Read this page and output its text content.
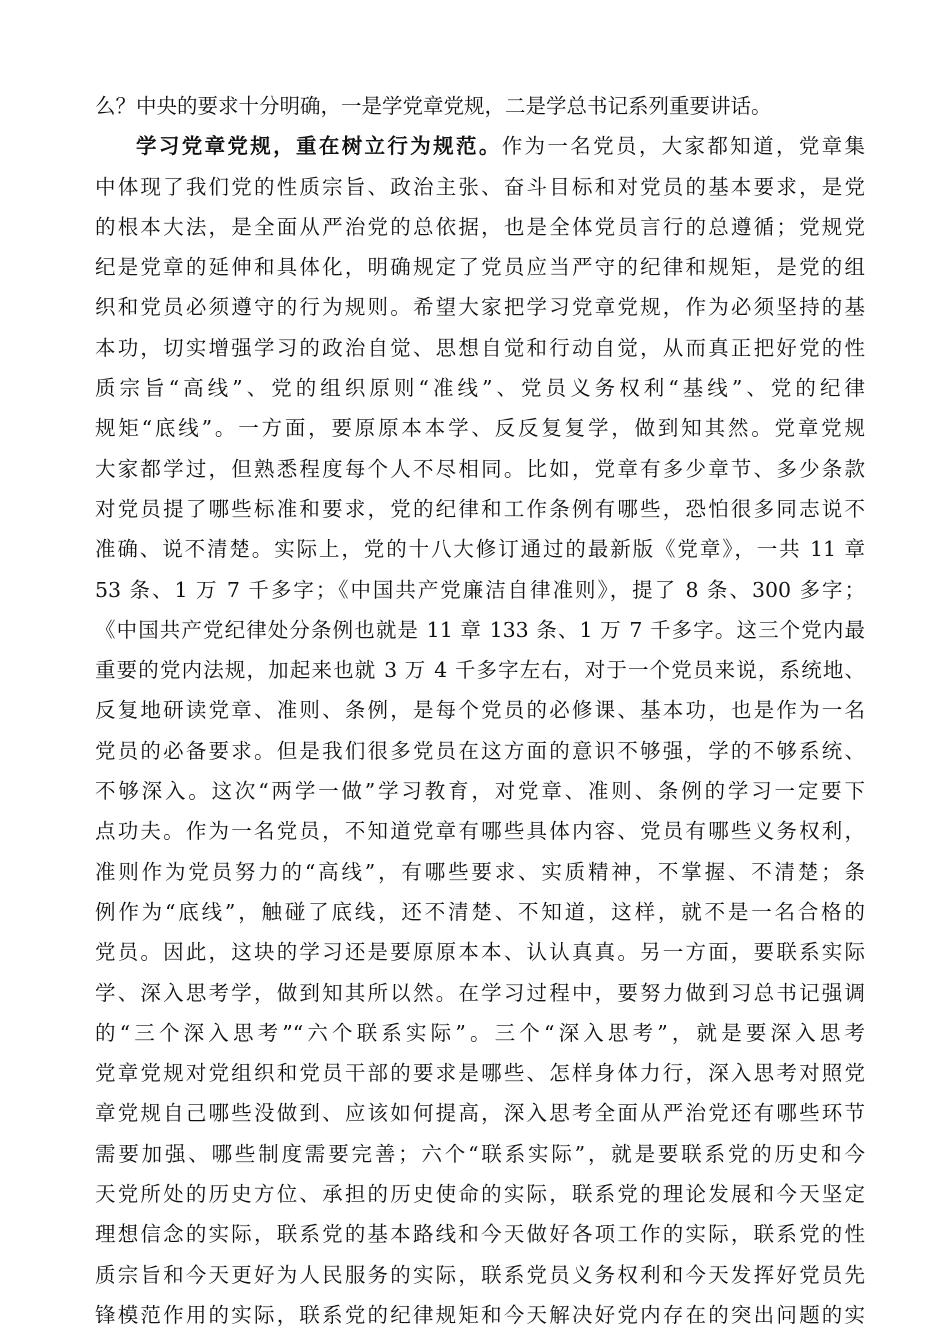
么？中央的要求十分明确，一是学党章党规，二是学总书记系列重要讲话。
学习党章党规，重在树立行为规范。作为一名党员，大家都知道，党章集
中体现了我们党的性质宗旨、政治主张、奋斗目标和对党员的基本要求，是党
的根本大法，是全面从严治党的总依据，也是全体党员言行的总遵循；党规党
纪是党章的延伸和具体化，明确规定了党员应当严守的纪律和规矩，是党的组
织和党员必须遵守的行为规则。希望大家把学习党章党规，作为必须坚持的基
本功，切实增强学习的政治自觉、思想自觉和行动自觉，从而真正把好党的性
质宗旨“高线”、党的组织原则“准线”、党员义务权利“基线”、党的纪律
规矩“底线”。一方面，要原原本本学、反反复复学，做到知其然。党章党规
大家都学过，但熟悉程度每个人不尽相同。比如，党章有多少章节、多少条款
对党员提了哪些标准和要求，党的纪律和工作条例有哪些，恐怕很多同志说不
准确、说不清楚。实际上，党的十八大修订通过的最新版《党章》，一共 11 章
53 条、1 万 7 千多字；《中国共产党廉洁自律准则》，提了 8 条、300 多字；
《中国共产党纪律处分条例也就是 11 章 133 条、1 万 7 千多字。这三个党内最
重要的党内法规，加起来也就 3 万 4 千多字左右，对于一个党员来说，系统地、
反复地研读党章、准则、条例，是每个党员的必修课、基本功，也是作为一名
党员的必备要求。但是我们很多党员在这方面的意识不够强，学的不够系统、
不够深入。这次“两学一做”学习教育，对党章、准则、条例的学习一定要下
点功夫。作为一名党员，不知道党章有哪些具体内容、党员有哪些义务权利，
准则作为党员努力的“高线”，有哪些要求、实质精神，不掌握、不清楚；条
例作为“底线”，触碰了底线，还不清楚、不知道，这样，就不是一名合格的
党员。因此，这块的学习还是要原原本本、认认真真。另一方面，要联系实际
学、深入思考学，做到知其所以然。在学习过程中，要努力做到习总书记强调
的“三个深入思考”“六个联系实际”。三个“深入思考”，就是要深入思考
党章党规对党组织和党员干部的要求是哪些、怎样身体力行，深入思考对照党
章党规自己哪些没做到、应该如何提高，深入思考全面从严治党还有哪些环节
需要加强、哪些制度需要完善；六个“联系实际”，就是要联系党的历史和今
天党所处的历史方位、承担的历史使命的实际，联系党的理论发展和今天坚定
理想信念的实际，联系党的基本路线和今天做好各项工作的实际，联系党的性
质宗旨和今天更好为人民服务的实际，联系党员义务权利和今天发挥好党员先
锋模范作用的实际，联系党的纪律规矩和今天解决好党内存在的突出问题的实
